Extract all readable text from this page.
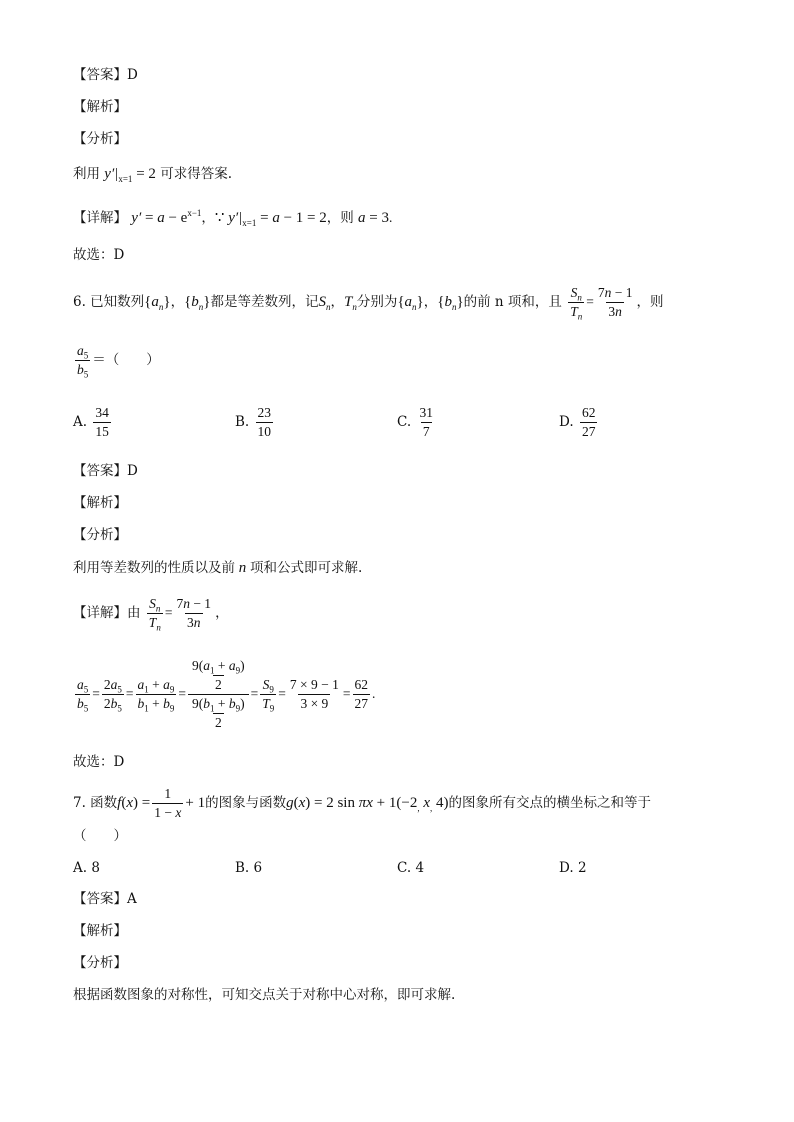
【答案】D
【解析】
【分析】
利用 $y'|_{x=1} = 2$ 可求得答案.
【详解】 $y' = a - e^{x-1}$，∵ $y'|_{x=1} = a - 1 = 2$，则 a = 3.
故选：D
6. 已知数列$\{a_n\}$，$\{b_n\}$都是等差数列，记$S_n$，$T_n$分别为$\{a_n\}$，$\{b_n\}$的前 n 项和，且 $\frac{S_n}{T_n} = \frac{7n - 1}{3n}$ ，则
$\frac{a_5}{b_5}$ ＝（　　）
A. $\frac{34}{15}$	B. $\frac{23}{10}$	C. $\frac{31}{7}$	D. $\frac{62}{27}$
【答案】D
【解析】
【分析】
利用等差数列的性质以及前 n 项和公式即可求解.
【详解】由 $\frac{S_n}{T_n} = \frac{7n - 1}{3n}$ ，
$\frac{a_5}{b_5} = \frac{2a_5}{2b_5} = \frac{a_1 + a_9}{b_1 + b_9} = \frac{\frac{9(a_1 + a_9)}{2}}{\frac{9(b_1 + b_9)}{2}} = \frac{S_9}{T_9} = \frac{7 \times 9 - 1}{3 \times 9} = \frac{62}{27}$ .
故选：D
7. 函数$f(x) = \frac{1}{1 - x} + 1$的图象与函数g(x) = 2 $\sin \pi x + 1(-2_,$ $x_,$ 4)的图象所有交点的横坐标之和等于
（　　）
A. 8	B. 6	C. 4	D. 2
【答案】A
【解析】
【分析】
根据函数图象的对称性，可知交点关于对称中心对称，即可求解.
